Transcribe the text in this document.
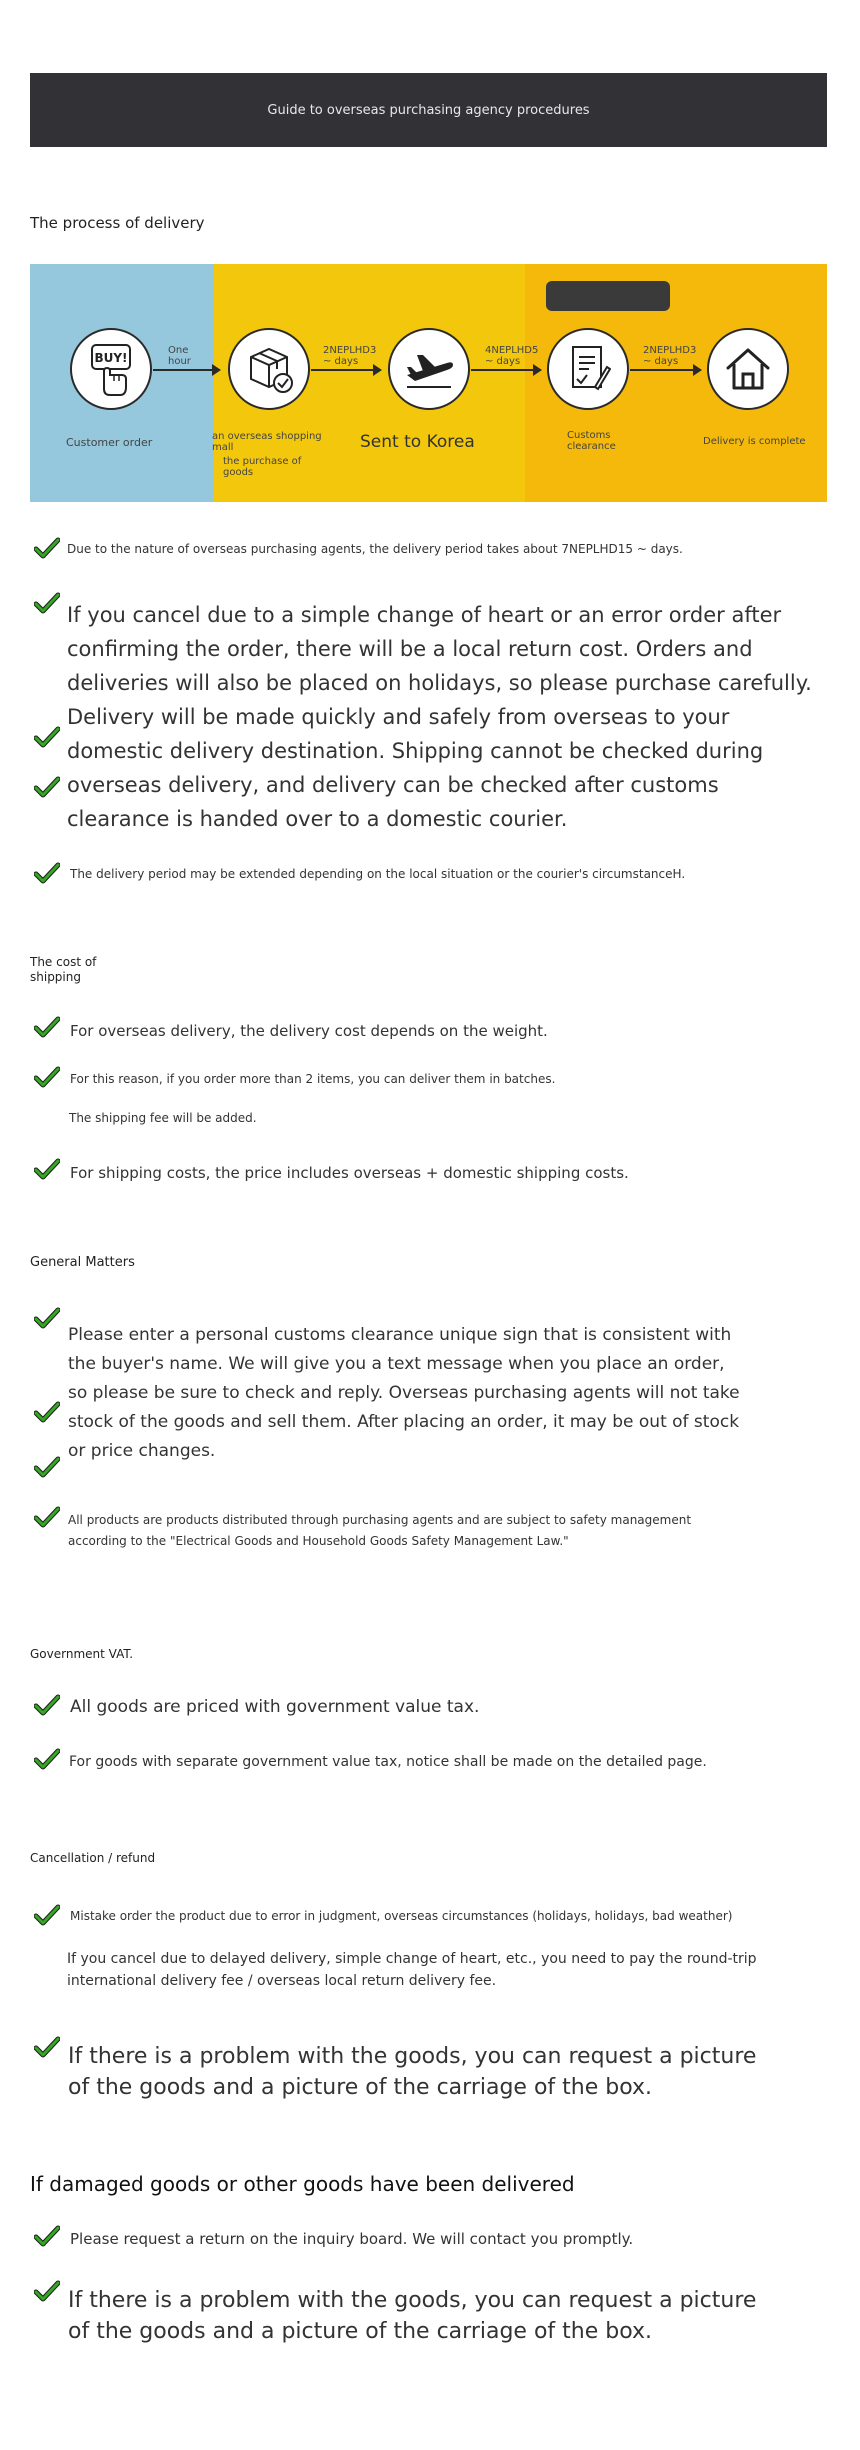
Guide to overseas purchasing agency procedures
The process of delivery
BUY!
One
hour
2NEPLHD3
~ days
4NEPLHD5
~ days
2NEPLHD3
~ days
Customer order	an overseas shopping
mall
the purchase of
goods
Sent to Korea	Customs
clearance	Delivery is complete
Due to the nature of overseas purchasing agents, the delivery period takes about 7NEPLHD15 ~ days.
If you cancel due to a simple change of heart or an error order after confirming the order, there will be a local return cost. Orders and deliveries will also be placed on holidays, so please purchase carefully. Delivery will be made quickly and safely from overseas to your domestic delivery destination. Shipping cannot be checked during overseas delivery, and delivery can be checked after customs clearance is handed over to a domestic courier.
The delivery period may be extended depending on the local situation or the courier's circumstanceH.
The cost of
shipping
For overseas delivery, the delivery cost depends on the weight.
For this reason, if you order more than 2 items, you can deliver them in batches.
The shipping fee will be added.
For shipping costs, the price includes overseas + domestic shipping costs.
General Matters
Please enter a personal customs clearance unique sign that is consistent with the buyer's name. We will give you a text message when you place an order, so please be sure to check and reply. Overseas purchasing agents will not take stock of the goods and sell them. After placing an order, it may be out of stock or price changes.
All products are products distributed through purchasing agents and are subject to safety management according to the "Electrical Goods and Household Goods Safety Management Law."
Government VAT.
All goods are priced with government value tax.
For goods with separate government value tax, notice shall be made on the detailed page.
Cancellation / refund
Mistake order the product due to error in judgment, overseas circumstances (holidays, holidays, bad weather)
If you cancel due to delayed delivery, simple change of heart, etc., you need to pay the round-trip international delivery fee / overseas local return delivery fee.
If there is a problem with the goods, you can request a picture of the goods and a picture of the carriage of the box.
If damaged goods or other goods have been delivered
Please request a return on the inquiry board. We will contact you promptly.
If there is a problem with the goods, you can request a picture of the goods and a picture of the carriage of the box.
